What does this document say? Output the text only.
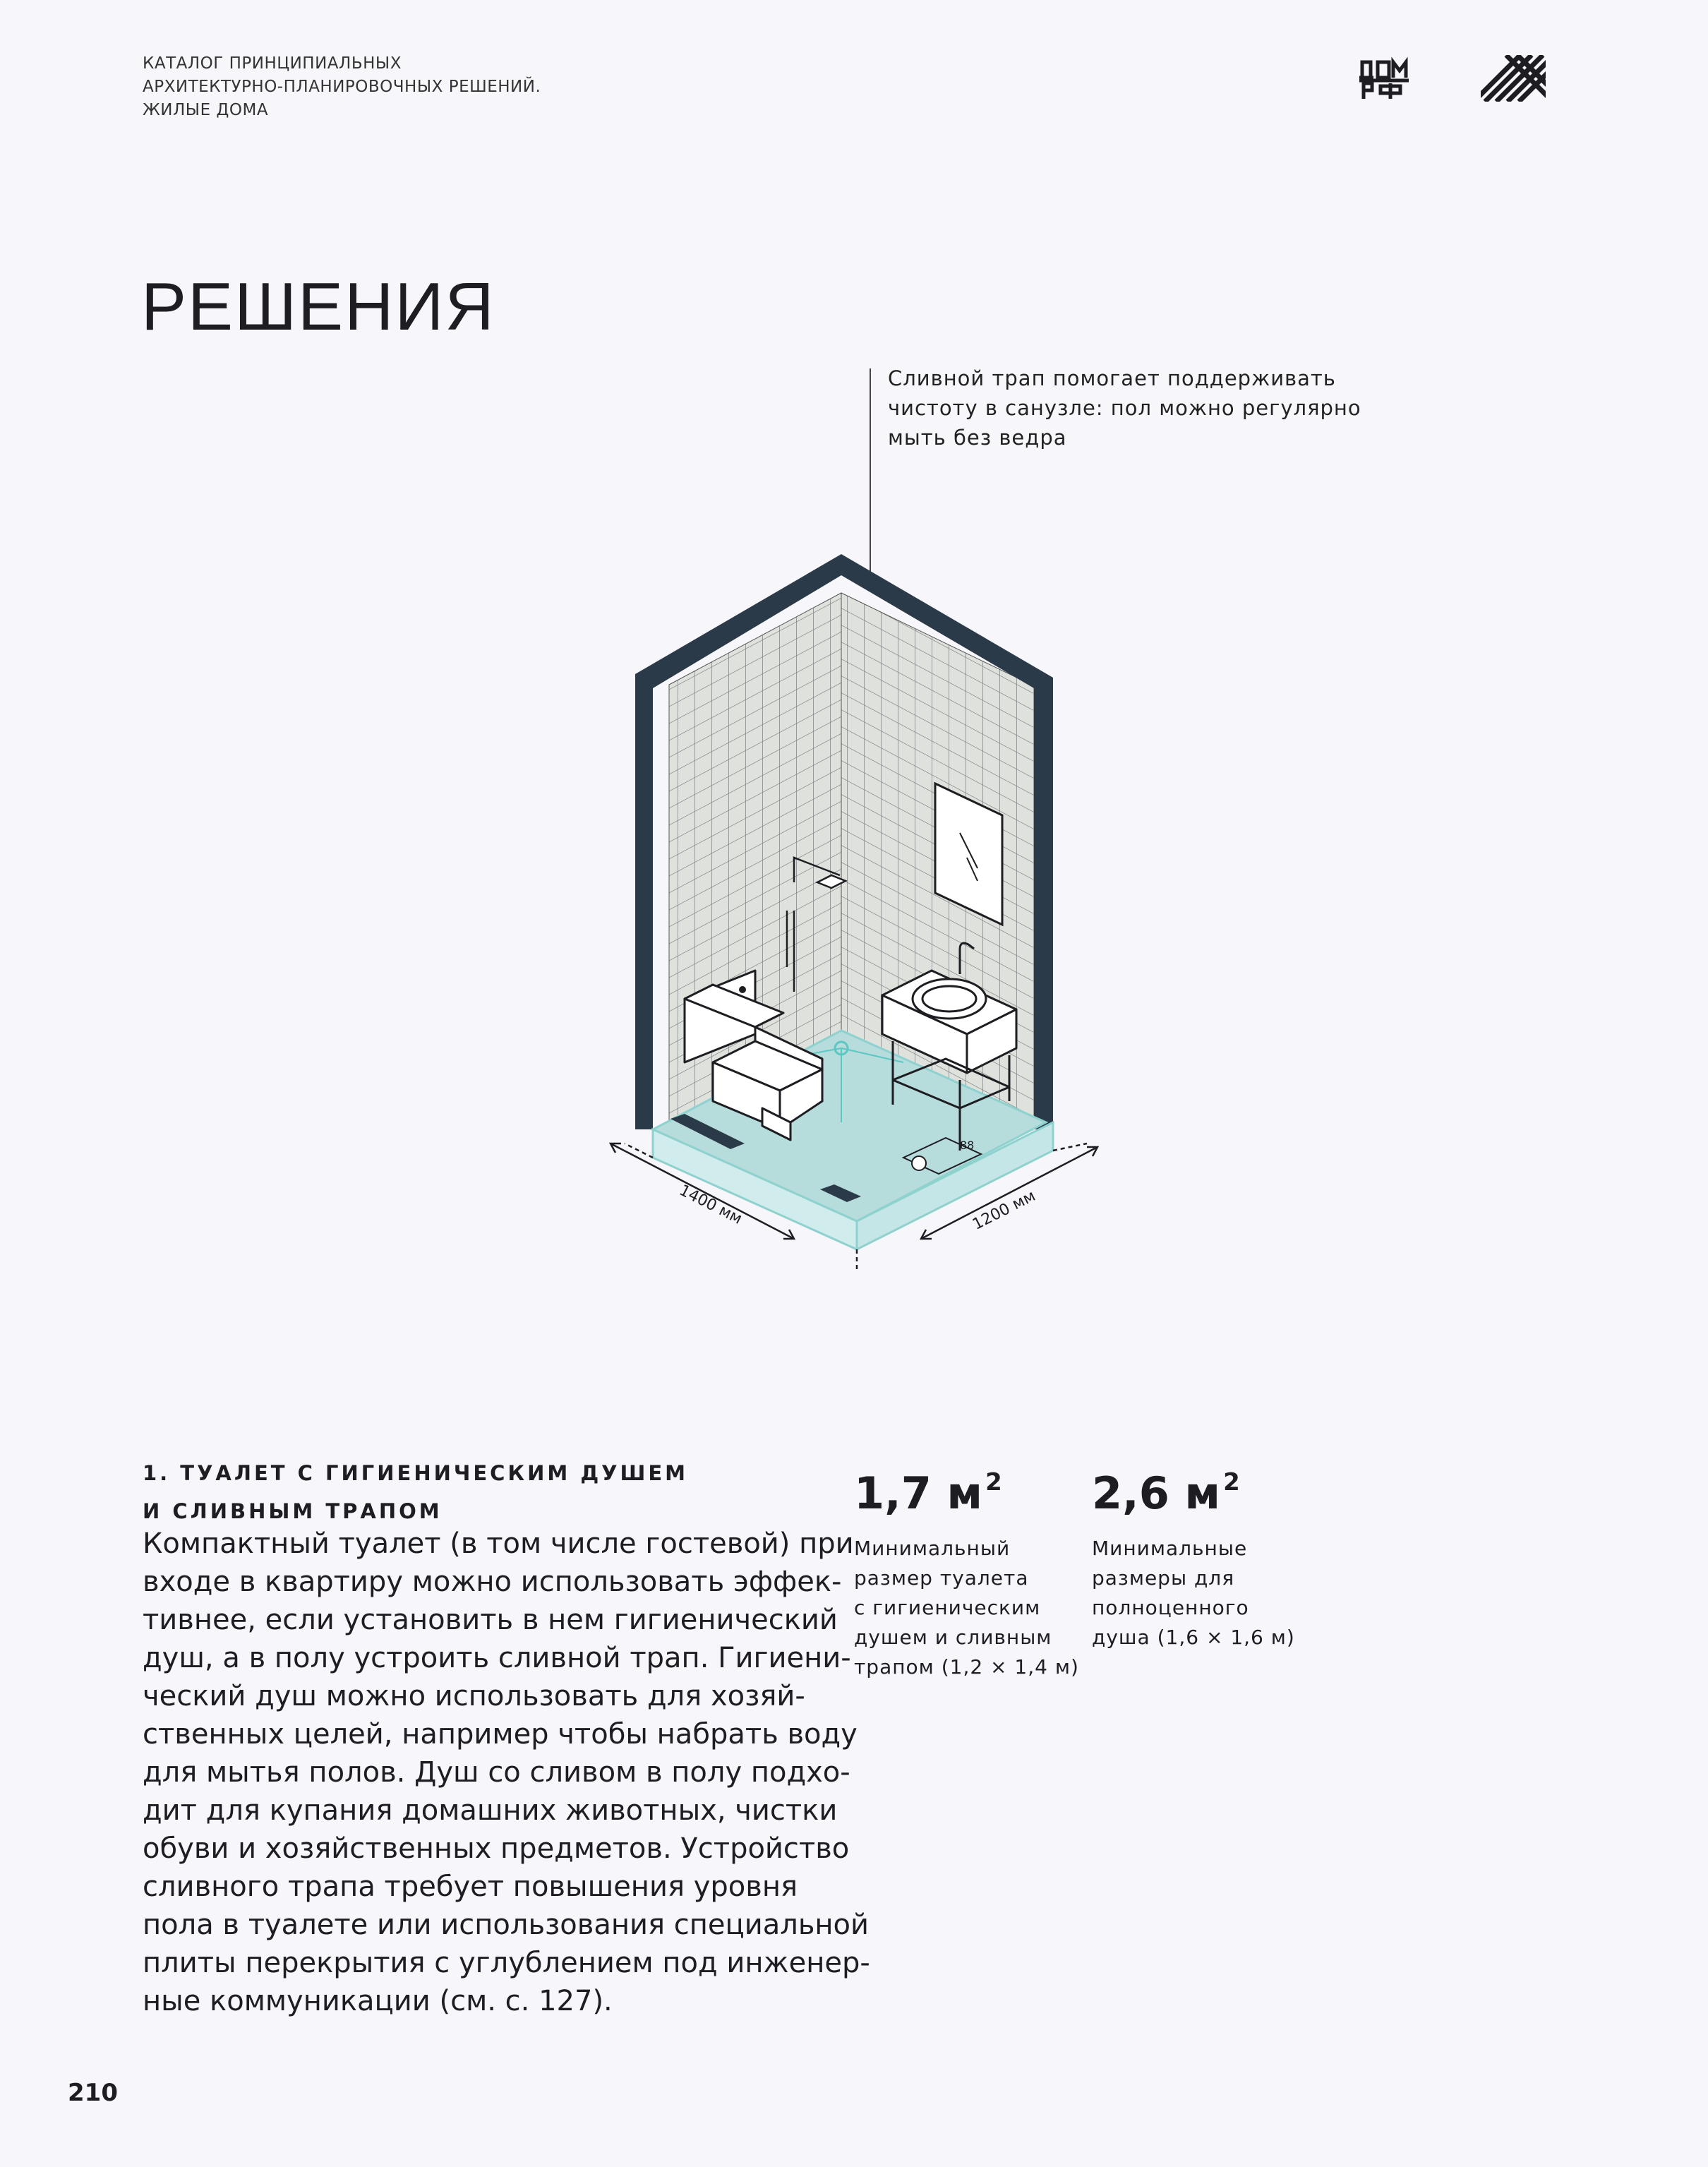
КАТАЛОГ ПРИНЦИПИАЛЬНЫХ
АРХИТЕКТУРНО-ПЛАНИРОВОЧНЫХ РЕШЕНИЙ.
ЖИЛЫЕ ДОМА
РЕШЕНИЯ
Сливной трап помогает поддерживать
чистоту в санузле: пол можно регулярно
мыть без ведра
88
1400 мм	1200 мм
1. ТУАЛЕТ С ГИГИЕНИЧЕСКИМ ДУШЕМ
И СЛИВНЫМ ТРАПОМ
Компактный туалет (в том числе гостевой) при
входе в квартиру можно использовать эффек-
тивнее, если установить в нем гигиенический
душ, а в полу устроить сливной трап. Гигиени-
ческий душ можно использовать для хозяй-
ственных целей, например чтобы набрать воду
для мытья полов. Душ со сливом в полу подхо-
дит для купания домашних животных, чистки
обуви и хозяйственных предметов. Устройство
сливного трапа требует повышения уровня
пола в туалете или использования специальной
плиты перекрытия с углублением под инженер-
ные коммуникации (см. с. 127).
1,7 м $^2$
Минимальный
размер туалета
с гигиеническим
душем и сливным
трапом (1,2 × 1,4 м)
2,6 м $^2$
Минимальные
размеры для
полноценного
душа (1,6 × 1,6 м)
210
